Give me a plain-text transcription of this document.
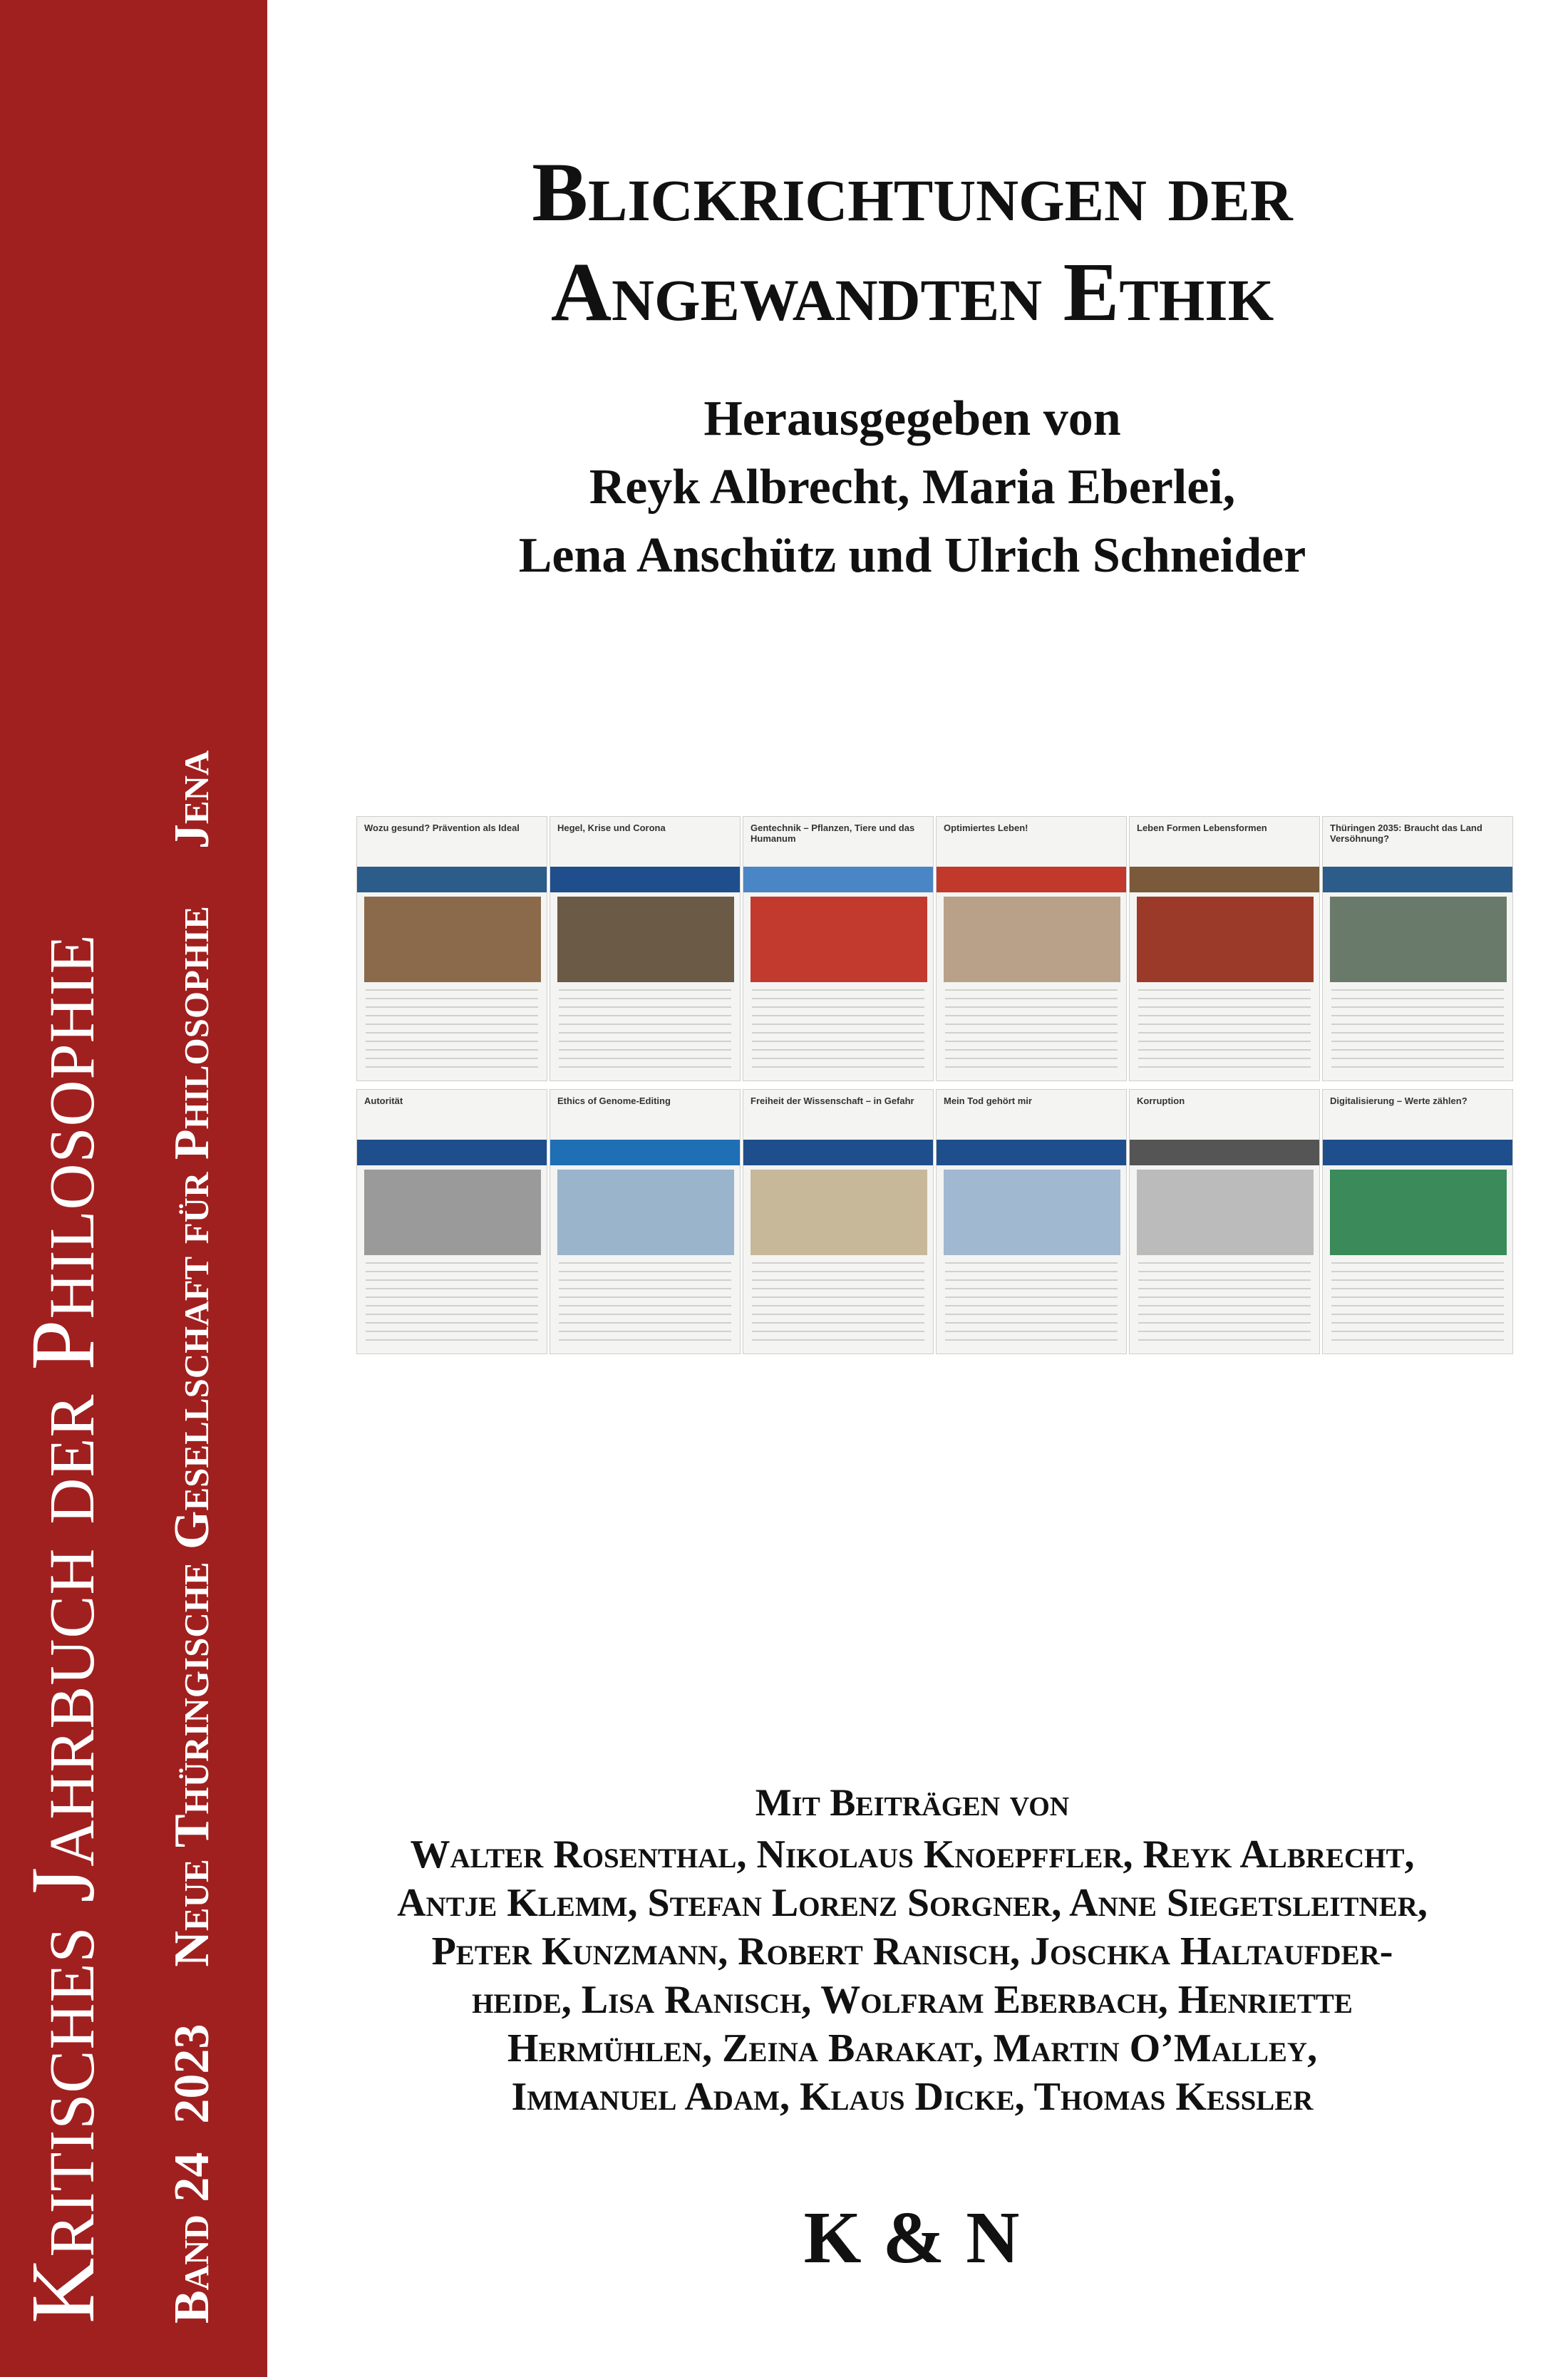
Kritisches Jahrbuch der Philosophie Band 242023Neue Thüringische Gesellschaft für PhilosophieJena
Blickrichtungen der
Angewandten Ethik
Herausgegeben von
Reyk Albrecht, Maria Eberlei,
Lena Anschütz und Ulrich Schneider
Wozu gesund? Prävention als Ideal	Hegel, Krise und Corona	Gentechnik – Pflanzen, Tiere und das Humanum
Optimiertes Leben!	Leben Formen Lebensformen	Thüringen 2035: Braucht das Land Versöhnung?
Autorität	Ethics of Genome-Editing	Freiheit der Wissenschaft – in Gefahr	Mein Tod gehört mir	Korruption	Digitalisierung – Werte zählen?
Mit Beiträgen von
Walter Rosenthal, Nikolaus Knoepffler, Reyk Albrecht,
Antje Klemm, Stefan Lorenz Sorgner, Anne Siegetsleitner,
Peter Kunzmann, Robert Ranisch, Joschka Haltaufder-
heide, Lisa Ranisch, Wolfram Eberbach, Henriette
Hermühlen, Zeina Barakat, Martin O’Malley,
Immanuel Adam, Klaus Dicke, Thomas Kessler
K & N
